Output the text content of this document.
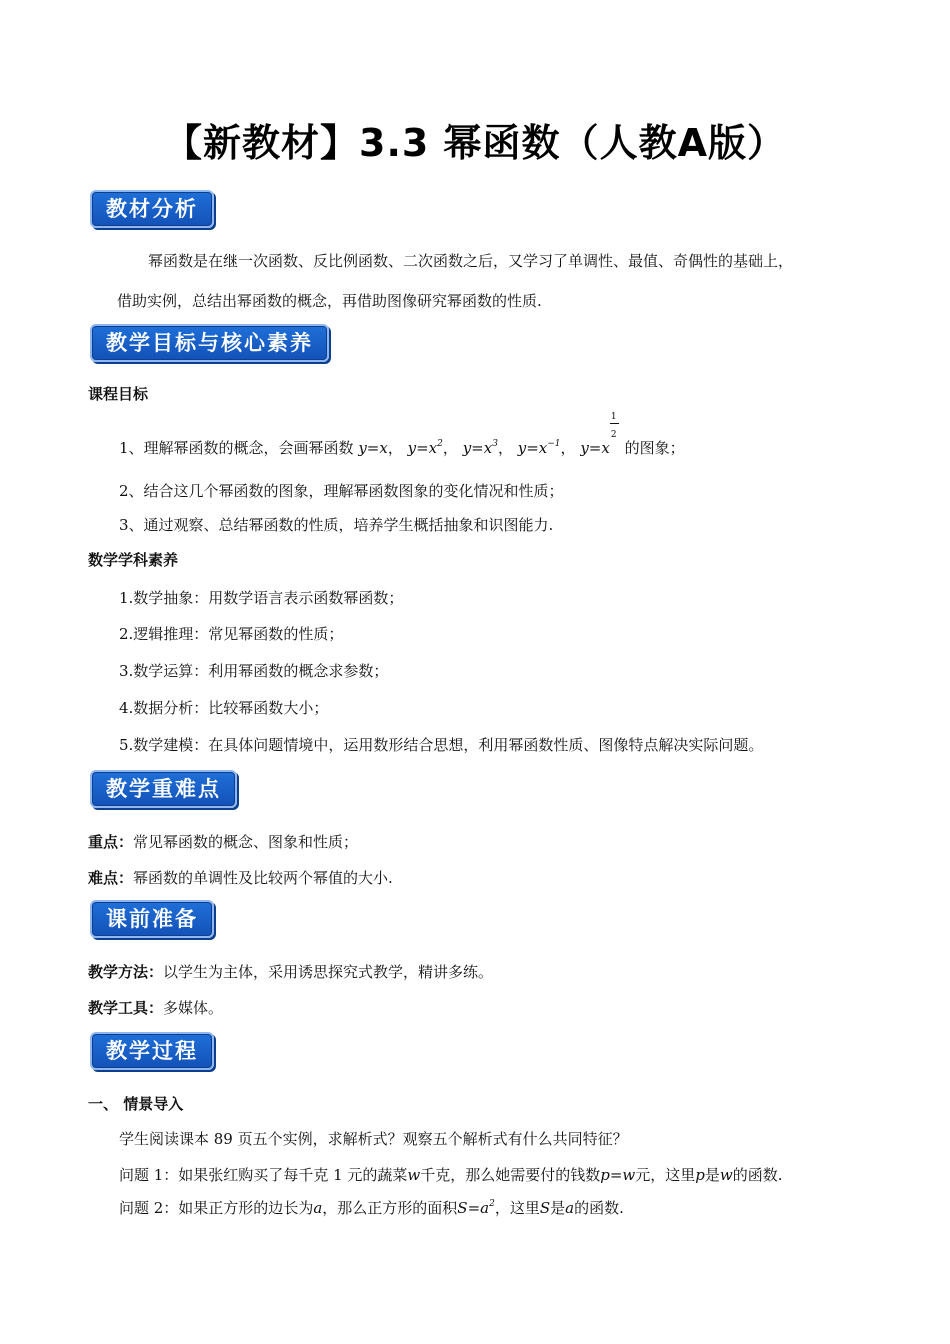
【新教材】3.3 幂函数（人教A版）
教材分析
幂函数是在继一次函数、反比例函数、二次函数之后，又学习了单调性、最值、奇偶性的基础上，
借助实例，总结出幂函数的概念，再借助图像研究幂函数的性质.
教学目标与核心素养
课程目标
1、理解幂函数的概念，会画幂函数 y=x， $y=x^2$， $y=x^3$， $y=x^{-1}$， $y=x \frac{1}{2}$ 的图象；
2、结合这几个幂函数的图象，理解幂函数图象的变化情况和性质；
3、通过观察、总结幂函数的性质，培养学生概括抽象和识图能力.
数学学科素养
1.数学抽象：用数学语言表示函数幂函数；
2.逻辑推理：常见幂函数的性质；
3.数学运算：利用幂函数的概念求参数；
4.数据分析：比较幂函数大小；
5.数学建模：在具体问题情境中，运用数形结合思想，利用幂函数性质、图像特点解决实际问题。
教学重难点
重点：常见幂函数的概念、图象和性质；
难点：幂函数的单调性及比较两个幂值的大小.
课前准备
教学方法：以学生为主体，采用诱思探究式教学，精讲多练。
教学工具：多媒体。
教学过程
一、 情景导入
学生阅读课本 89 页五个实例，求解析式？观察五个解析式有什么共同特征？
问题 1：如果张红购买了每千克 1 元的蔬菜w千克，那么她需要付的钱数p=w元，这里p是w的函数.
问题 2：如果正方形的边长为a，那么正方形的面积$S=a^2$，这里S是a的函数.
